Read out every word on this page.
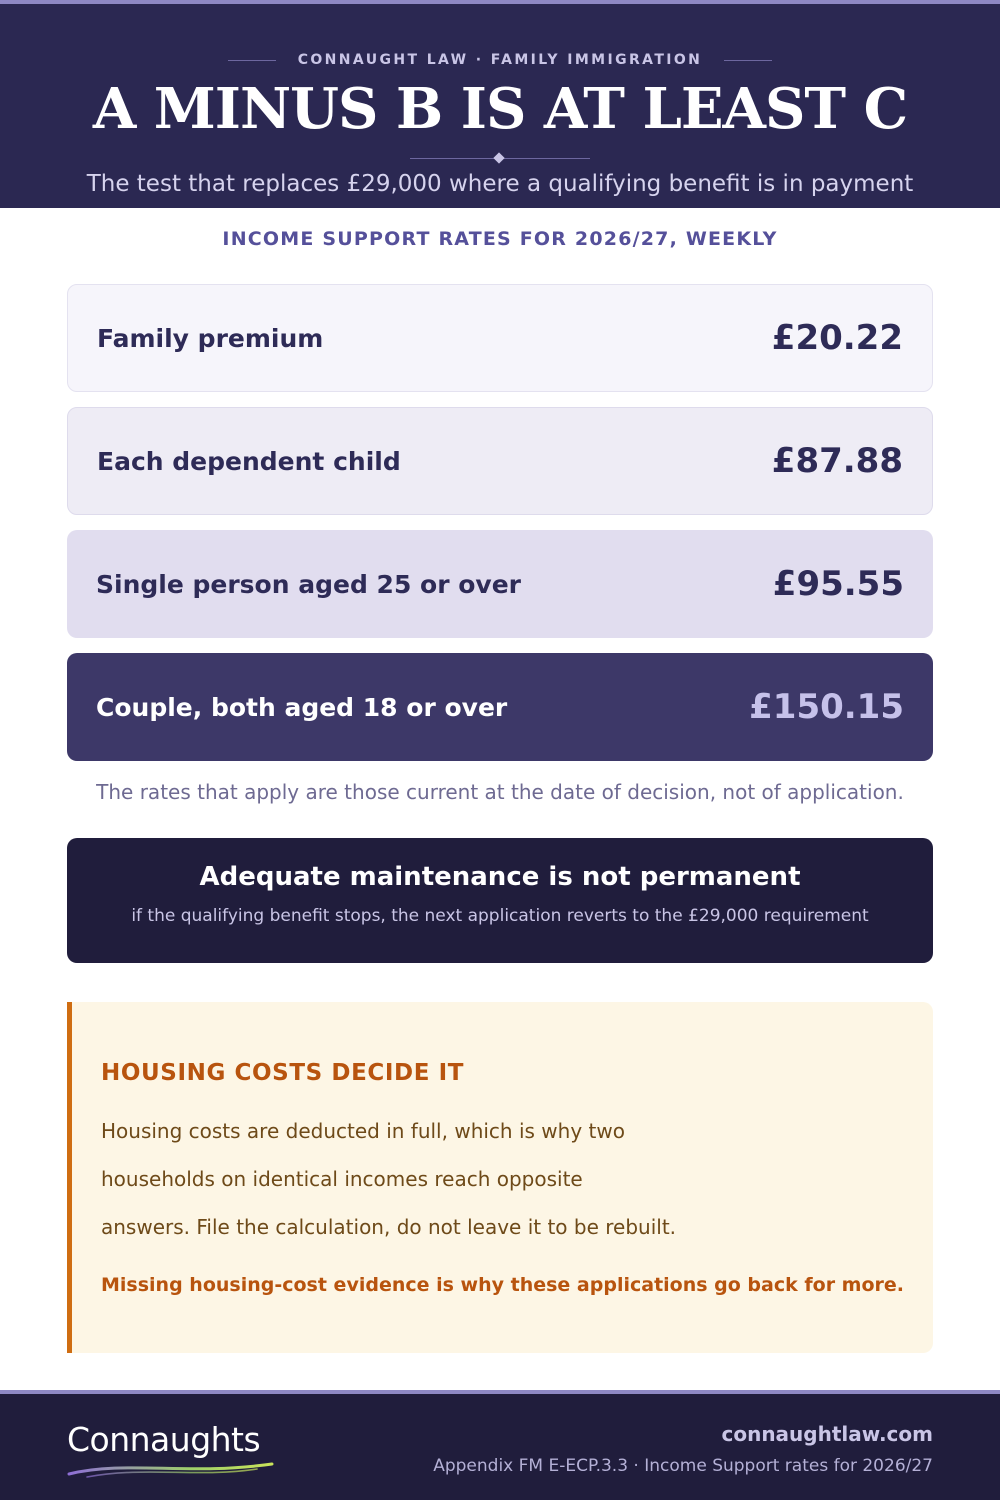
CONNAUGHT LAW · FAMILY IMMIGRATION
A MINUS B IS AT LEAST C
The test that replaces £29,000 where a qualifying benefit is in payment
INCOME SUPPORT RATES FOR 2026/27, WEEKLY
Family premium	£20.22
Each dependent child	£87.88
Single person aged 25 or over	£95.55
Couple, both aged 18 or over	£150.15
The rates that apply are those current at the date of decision, not of application.
Adequate maintenance is not permanent
if the qualifying benefit stops, the next application reverts to the £29,000 requirement
HOUSING COSTS DECIDE IT
Housing costs are deducted in full, which is why two
households on identical incomes reach opposite
answers. File the calculation, do not leave it to be rebuilt.
Missing housing-cost evidence is why these applications go back for more.
Connaughts	connaughtlaw.com
Appendix FM E-ECP.3.3 · Income Support rates for 2026/27
